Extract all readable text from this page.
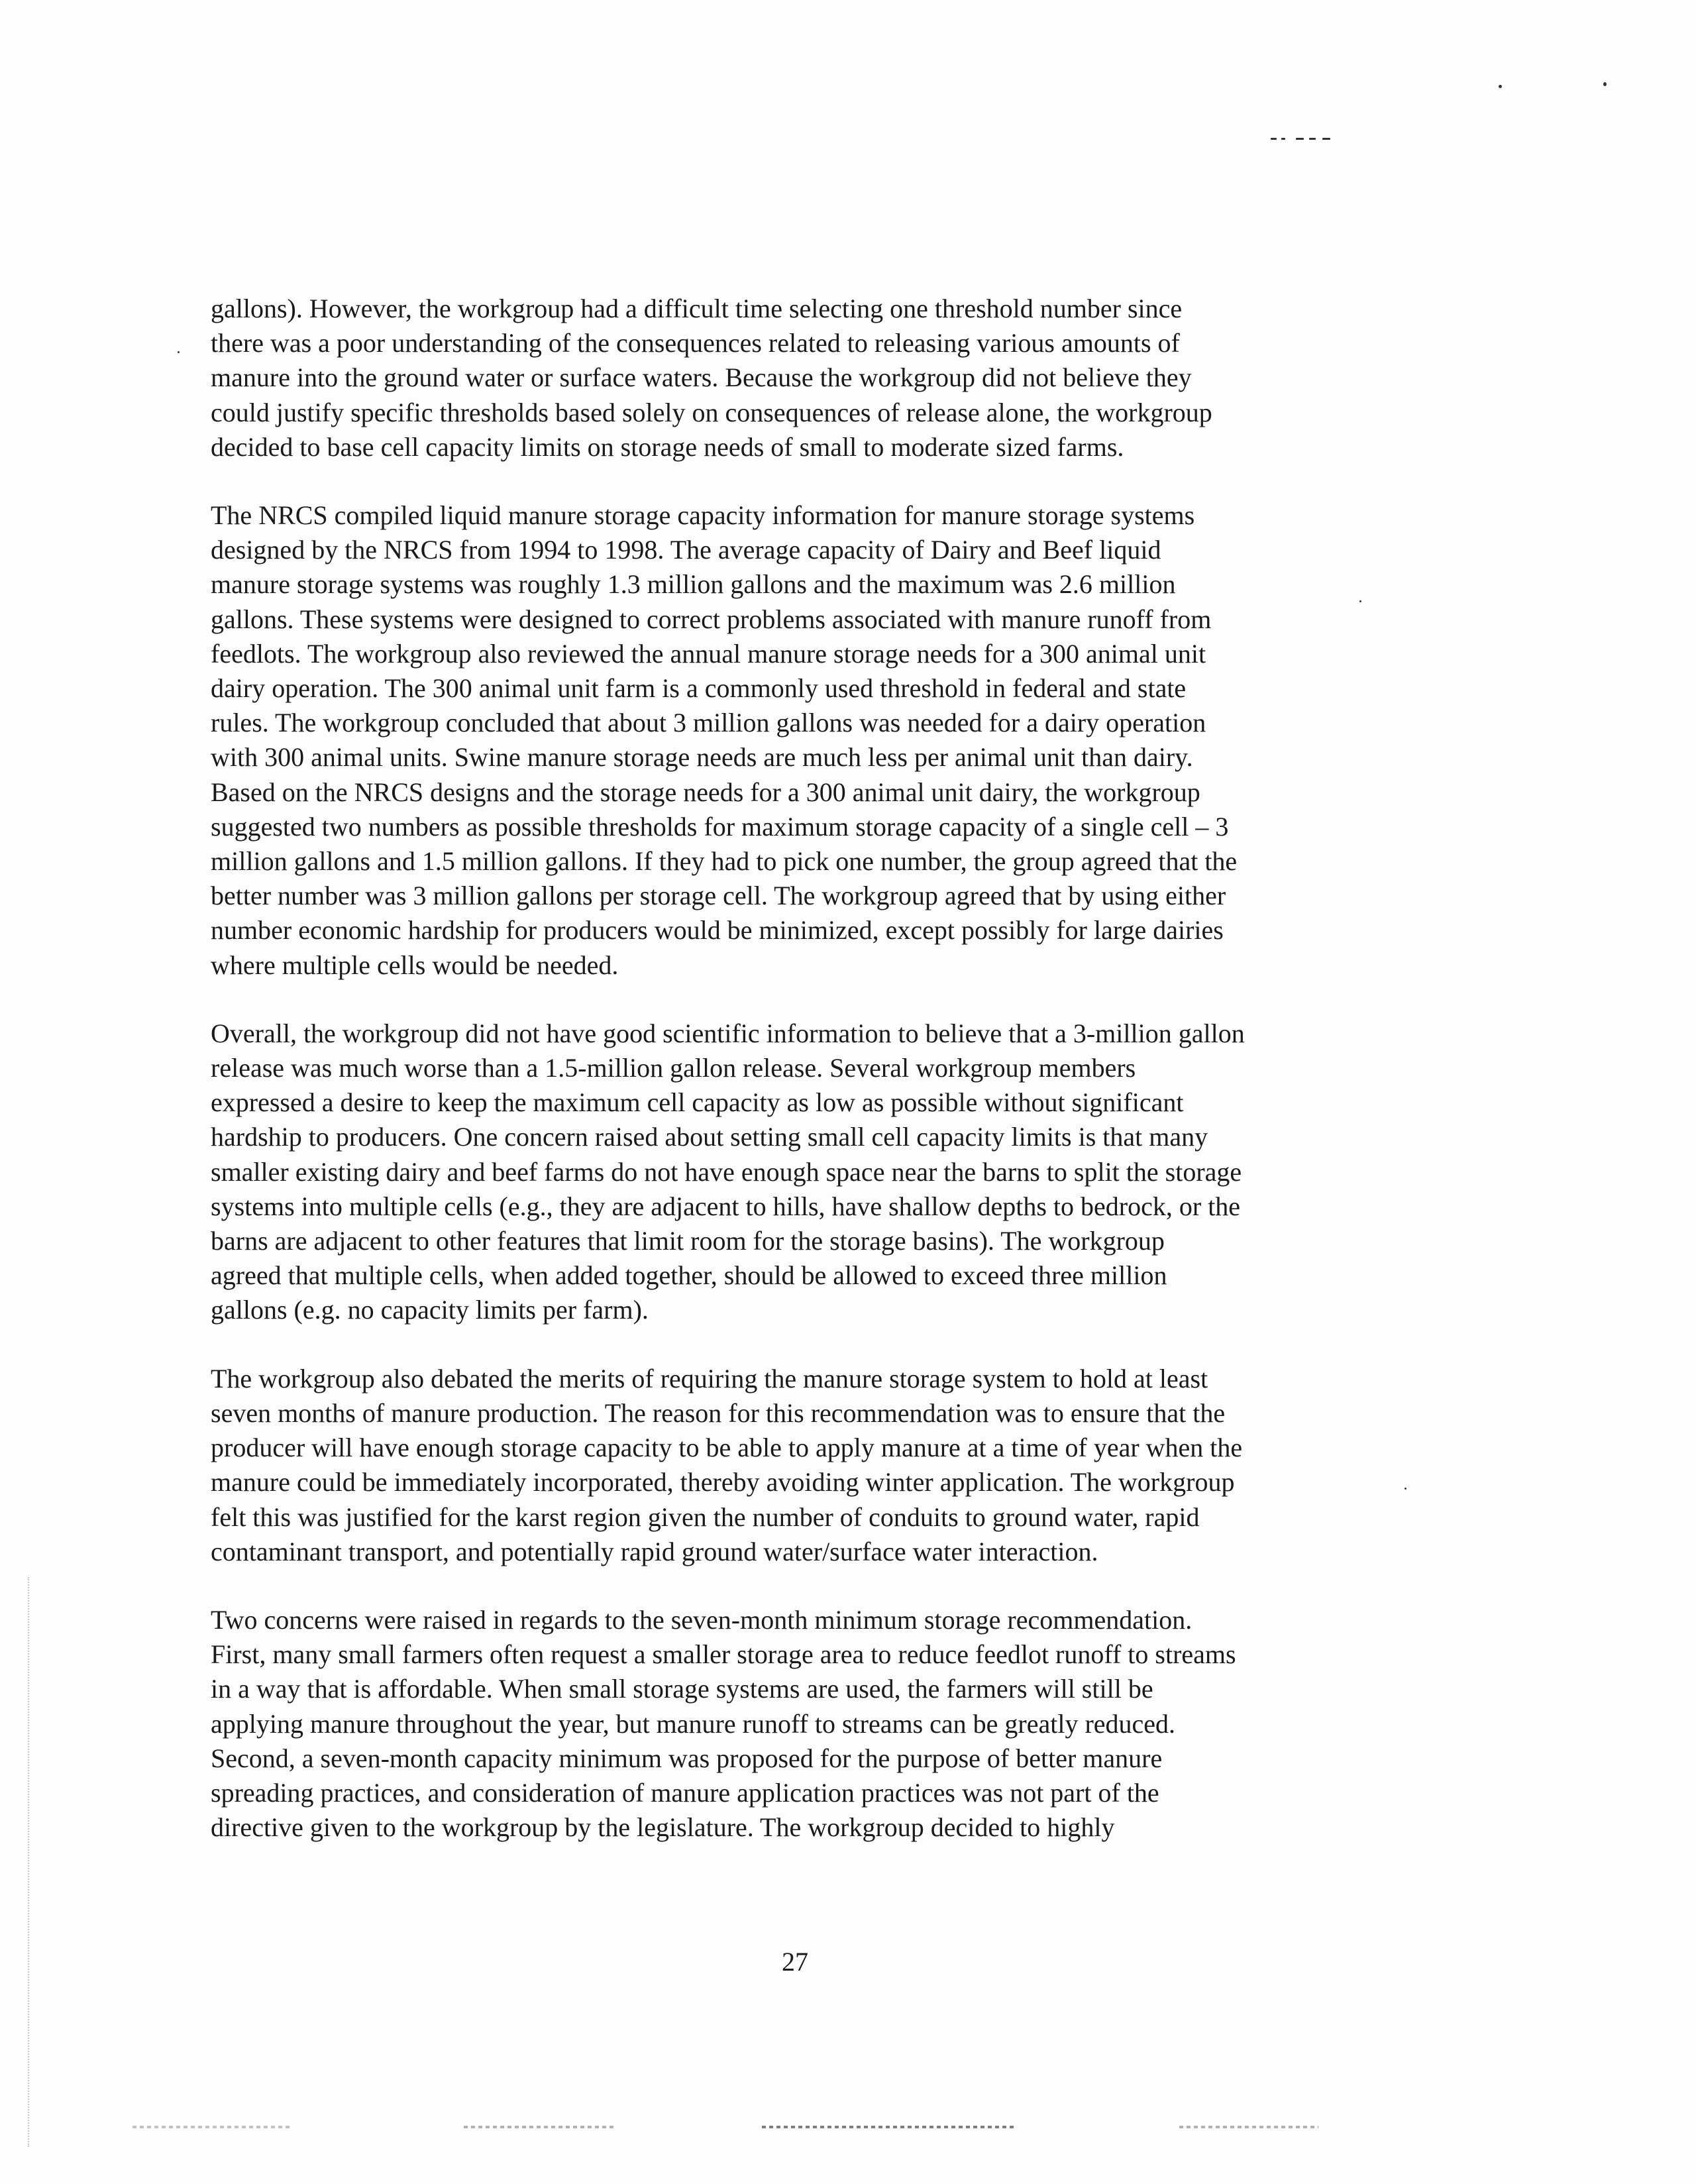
gallons). However, the workgroup had a difficult time selecting one threshold number since
there was a poor understanding of the consequences related to releasing various amounts of
manure into the ground water or surface waters. Because the workgroup did not believe they
could justify specific thresholds based solely on consequences of release alone, the workgroup
decided to base cell capacity limits on storage needs of small to moderate sized farms.

The NRCS compiled liquid manure storage capacity information for manure storage systems
designed by the NRCS from 1994 to 1998. The average capacity of Dairy and Beef liquid
manure storage systems was roughly 1.3 million gallons and the maximum was 2.6 million
gallons. These systems were designed to correct problems associated with manure runoff from
feedlots. The workgroup also reviewed the annual manure storage needs for a 300 animal unit
dairy operation. The 300 animal unit farm is a commonly used threshold in federal and state
rules. The workgroup concluded that about 3 million gallons was needed for a dairy operation
with 300 animal units. Swine manure storage needs are much less per animal unit than dairy.
Based on the NRCS designs and the storage needs for a 300 animal unit dairy, the workgroup
suggested two numbers as possible thresholds for maximum storage capacity of a single cell – 3
million gallons and 1.5 million gallons. If they had to pick one number, the group agreed that the
better number was 3 million gallons per storage cell. The workgroup agreed that by using either
number economic hardship for producers would be minimized, except possibly for large dairies
where multiple cells would be needed.

Overall, the workgroup did not have good scientific information to believe that a 3-million gallon
release was much worse than a 1.5-million gallon release. Several workgroup members
expressed a desire to keep the maximum cell capacity as low as possible without significant
hardship to producers. One concern raised about setting small cell capacity limits is that many
smaller existing dairy and beef farms do not have enough space near the barns to split the storage
systems into multiple cells (e.g., they are adjacent to hills, have shallow depths to bedrock, or the
barns are adjacent to other features that limit room for the storage basins). The workgroup
agreed that multiple cells, when added together, should be allowed to exceed three million
gallons (e.g. no capacity limits per farm).

The workgroup also debated the merits of requiring the manure storage system to hold at least
seven months of manure production. The reason for this recommendation was to ensure that the
producer will have enough storage capacity to be able to apply manure at a time of year when the
manure could be immediately incorporated, thereby avoiding winter application. The workgroup
felt this was justified for the karst region given the number of conduits to ground water, rapid
contaminant transport, and potentially rapid ground water/surface water interaction.

Two concerns were raised in regards to the seven-month minimum storage recommendation.
First, many small farmers often request a smaller storage area to reduce feedlot runoff to streams
in a way that is affordable. When small storage systems are used, the farmers will still be
applying manure throughout the year, but manure runoff to streams can be greatly reduced.
Second, a seven-month capacity minimum was proposed for the purpose of better manure
spreading practices, and consideration of manure application practices was not part of the
directive given to the workgroup by the legislature. The workgroup decided to highly

27
